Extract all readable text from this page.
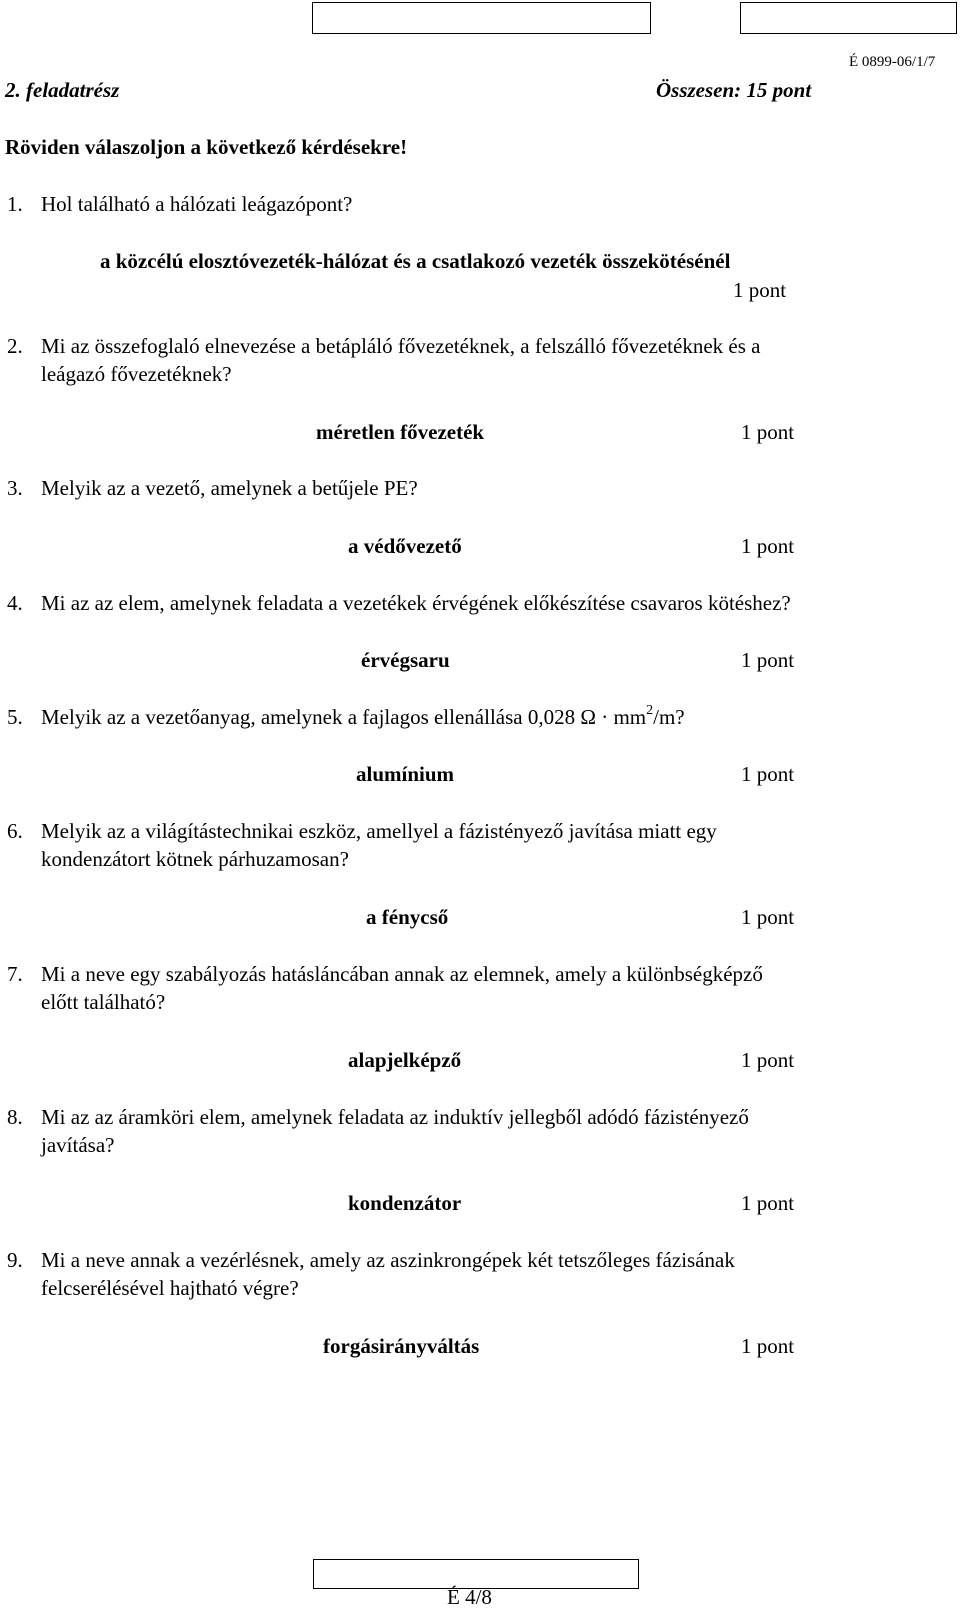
É 0899-06/1/7
2. feladatrész	Összesen: 15 pont
Röviden válaszoljon a következő kérdésekre!
1. Hol található a hálózati leágazópont?
a közcélú elosztóvezeték-hálózat és a csatlakozó vezeték összekötésénél
1 pont
2. Mi az összefoglaló elnevezése a betápláló fővezetéknek, a felszálló fővezetéknek és a
leágazó fővezetéknek?
méretlen fővezeték	1 pont
3. Melyik az a vezető, amelynek a betűjele PE?
a védővezető	1 pont
4. Mi az az elem, amelynek feladata a vezetékek érvégének előkészítése csavaros kötéshez?
érvégsaru	1 pont
5. Melyik az a vezetőanyag, amelynek a fajlagos ellenállása 0,028 $\Omega \cdot mm^2/m$?
alumínium	1 pont
6. Melyik az a világítástechnikai eszköz, amellyel a fázistényező javítása miatt egy
kondenzátort kötnek párhuzamosan?
a fénycső	1 pont
7. Mi a neve egy szabályozás hatásláncában annak az elemnek, amely a különbségképző
előtt található?
alapjelképző	1 pont
8. Mi az az áramköri elem, amelynek feladata az induktív jellegből adódó fázistényező
javítása?
kondenzátor	1 pont
9. Mi a neve annak a vezérlésnek, amely az aszinkrongépek két tetszőleges fázisának
felcserélésével hajtható végre?
forgásirányváltás	1 pont
É 4/8
